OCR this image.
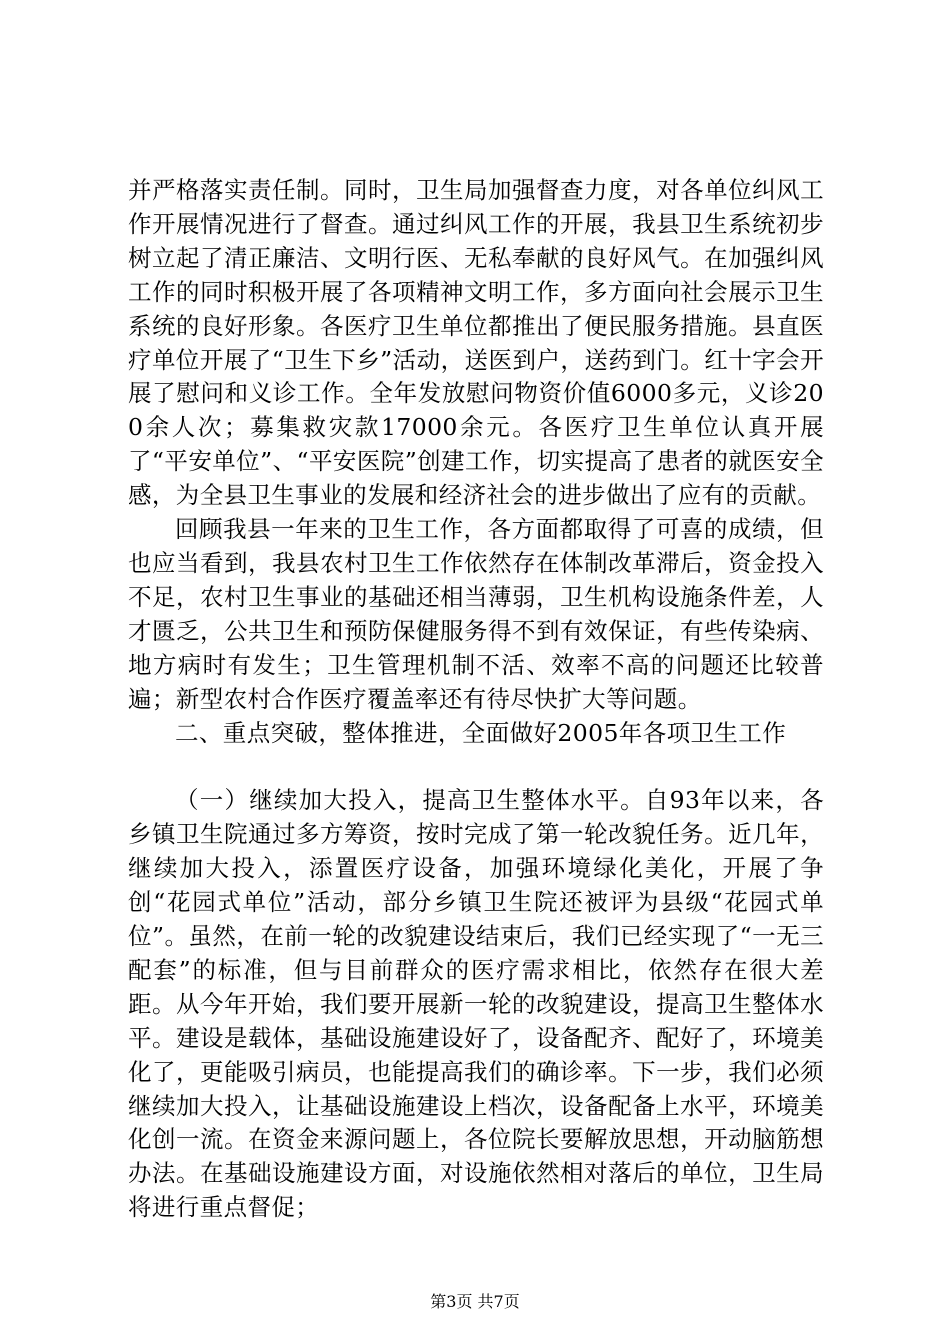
并严格落实责任制。同时，卫生局加强督查力度，对各单位纠风工作开展情况进行了督查。通过纠风工作的开展，我县卫生系统初步树立起了清正廉洁、文明行医、无私奉献的良好风气。在加强纠风工作的同时积极开展了各项精神文明工作，多方面向社会展示卫生系统的良好形象。各医疗卫生单位都推出了便民服务措施。县直医疗单位开展了“卫生下乡”活动，送医到户，送药到门。红十字会开展了慰问和义诊工作。全年发放慰问物资价值6000多元，义诊200余人次；募集救灾款17000余元。各医疗卫生单位认真开展了“平安单位”、“平安医院”创建工作，切实提高了患者的就医安全感，为全县卫生事业的发展和经济社会的进步做出了应有的贡献。

回顾我县一年来的卫生工作，各方面都取得了可喜的成绩，但也应当看到，我县农村卫生工作依然存在体制改革滞后，资金投入不足，农村卫生事业的基础还相当薄弱，卫生机构设施条件差，人才匮乏，公共卫生和预防保健服务得不到有效保证，有些传染病、地方病时有发生；卫生管理机制不活、效率不高的问题还比较普遍；新型农村合作医疗覆盖率还有待尽快扩大等问题。

二、重点突破，整体推进，全面做好2005年各项卫生工作

（一）继续加大投入，提高卫生整体水平。自93年以来，各乡镇卫生院通过多方筹资，按时完成了第一轮改貌任务。近几年，继续加大投入，添置医疗设备，加强环境绿化美化，开展了争创“花园式单位”活动，部分乡镇卫生院还被评为县级“花园式单位”。虽然，在前一轮的改貌建设结束后，我们已经实现了“一无三配套”的标准，但与目前群众的医疗需求相比，依然存在很大差距。从今年开始，我们要开展新一轮的改貌建设，提高卫生整体水平。建设是载体，基础设施建设好了，设备配齐、配好了，环境美化了，更能吸引病员，也能提高我们的确诊率。下一步，我们必须继续加大投入，让基础设施建设上档次，设备配备上水平，环境美化创一流。在资金来源问题上，各位院长要解放思想，开动脑筋想办法。在基础设施建设方面，对设施依然相对落后的单位，卫生局将进行重点督促；

第3页 共7页
